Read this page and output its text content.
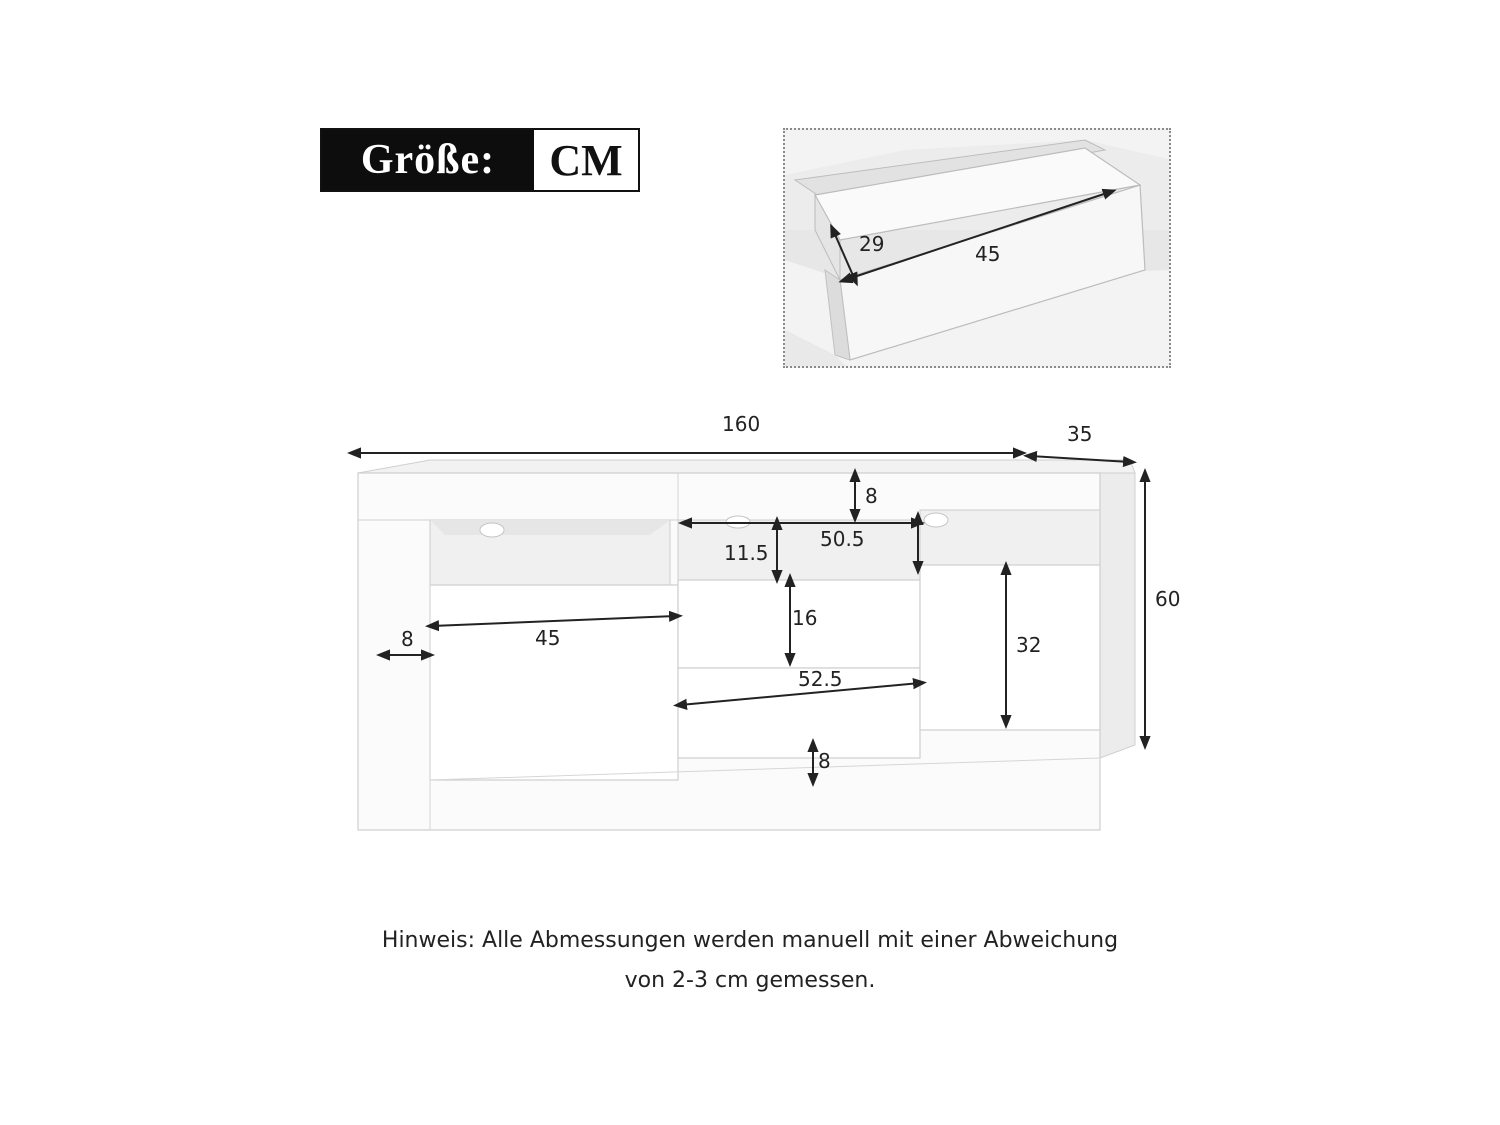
Größe:	CM
29	45
160	35
60
8
50.5
11.5
8	45
16
32
52.5
8
Hinweis: Alle Abmessungen werden manuell mit einer Abweichung
von 2-3 cm gemessen.
